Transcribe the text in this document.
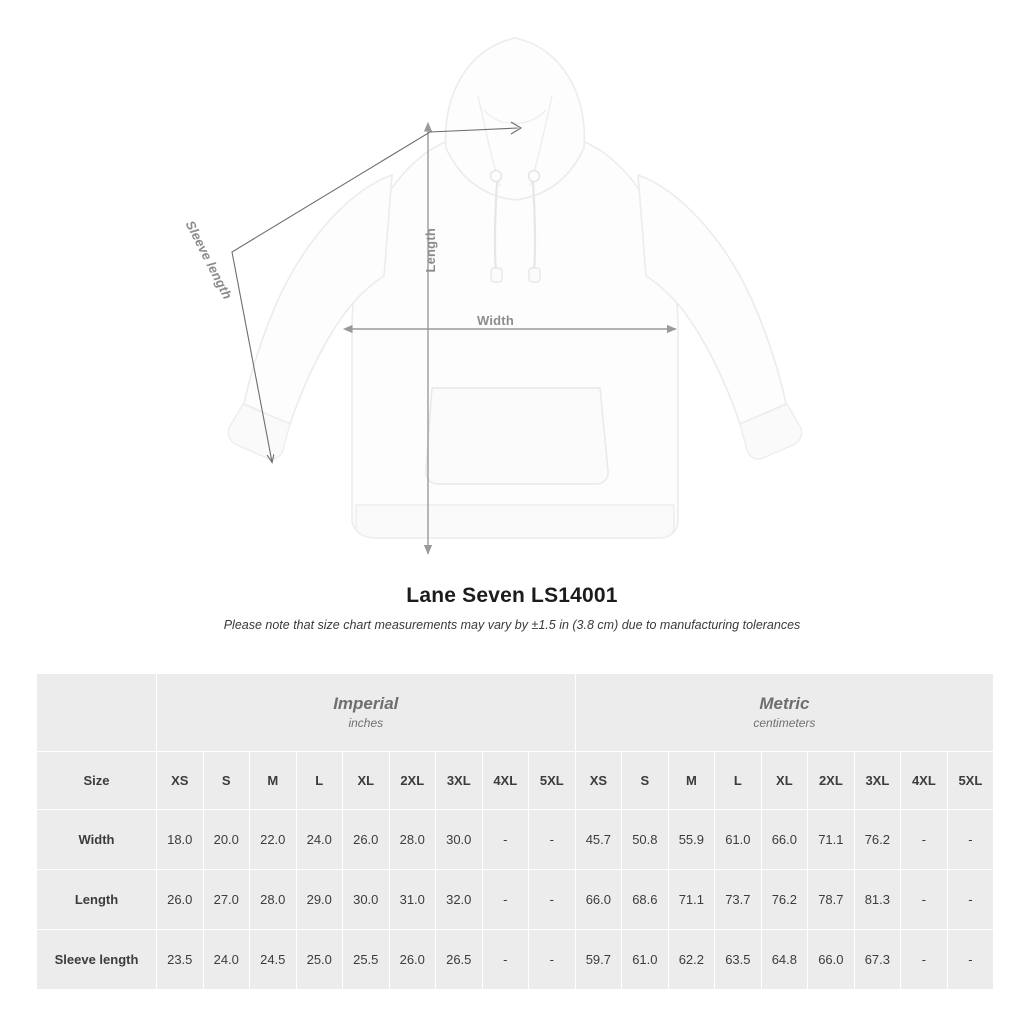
Width
Length
Sleeve length
Lane Seven LS14001

Please note that size chart measurements may vary by ±1.5 in (3.8 cm) due to manufacturing tolerances

Imperial
inches

Metric
centimeters

Size	XS	S	M	L	XL	2XL	3XL	4XL	5XL	XS	S	M	L	XL	2XL	3XL	4XL	5XL
Width	18.0	20.0	22.0	24.0	26.0	28.0	30.0	-	-	45.7	50.8	55.9	61.0	66.0	71.1	76.2	-	-
Length	26.0	27.0	28.0	29.0	30.0	31.0	32.0	-	-	66.0	68.6	71.1	73.7	76.2	78.7	81.3	-	-
Sleeve length	23.5	24.0	24.5	25.0	25.5	26.0	26.5	-	-	59.7	61.0	62.2	63.5	64.8	66.0	67.3	-	-
